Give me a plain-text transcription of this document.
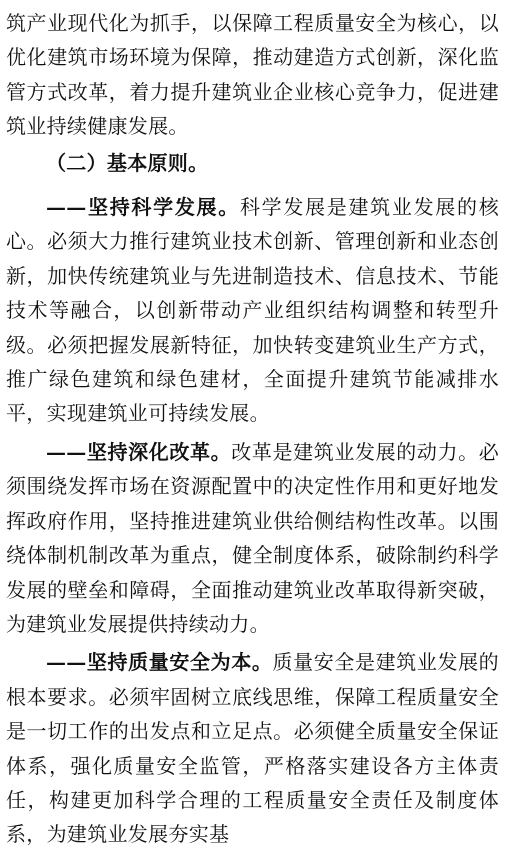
筑产业现代化为抓手，以保障工程质量安全为核心，以优化建筑市场环境为保障，推动建造方式创新，深化监管方式改革，着力提升建筑业企业核心竞争力，促进建筑业持续健康发展。

（二）基本原则。

——坚持科学发展。科学发展是建筑业发展的核心。必须大力推行建筑业技术创新、管理创新和业态创新，加快传统建筑业与先进制造技术、信息技术、节能技术等融合，以创新带动产业组织结构调整和转型升级。必须把握发展新特征，加快转变建筑业生产方式，推广绿色建筑和绿色建材，全面提升建筑节能减排水平，实现建筑业可持续发展。

——坚持深化改革。改革是建筑业发展的动力。必须围绕发挥市场在资源配置中的决定性作用和更好地发挥政府作用，坚持推进建筑业供给侧结构性改革。以围绕体制机制改革为重点，健全制度体系，破除制约科学发展的壁垒和障碍，全面推动建筑业改革取得新突破，为建筑业发展提供持续动力。

——坚持质量安全为本。质量安全是建筑业发展的根本要求。必须牢固树立底线思维，保障工程质量安全是一切工作的出发点和立足点。必须健全质量安全保证体系，强化质量安全监管，严格落实建设各方主体责任，构建更加科学合理的工程质量安全责任及制度体系，为建筑业发展夯实基
